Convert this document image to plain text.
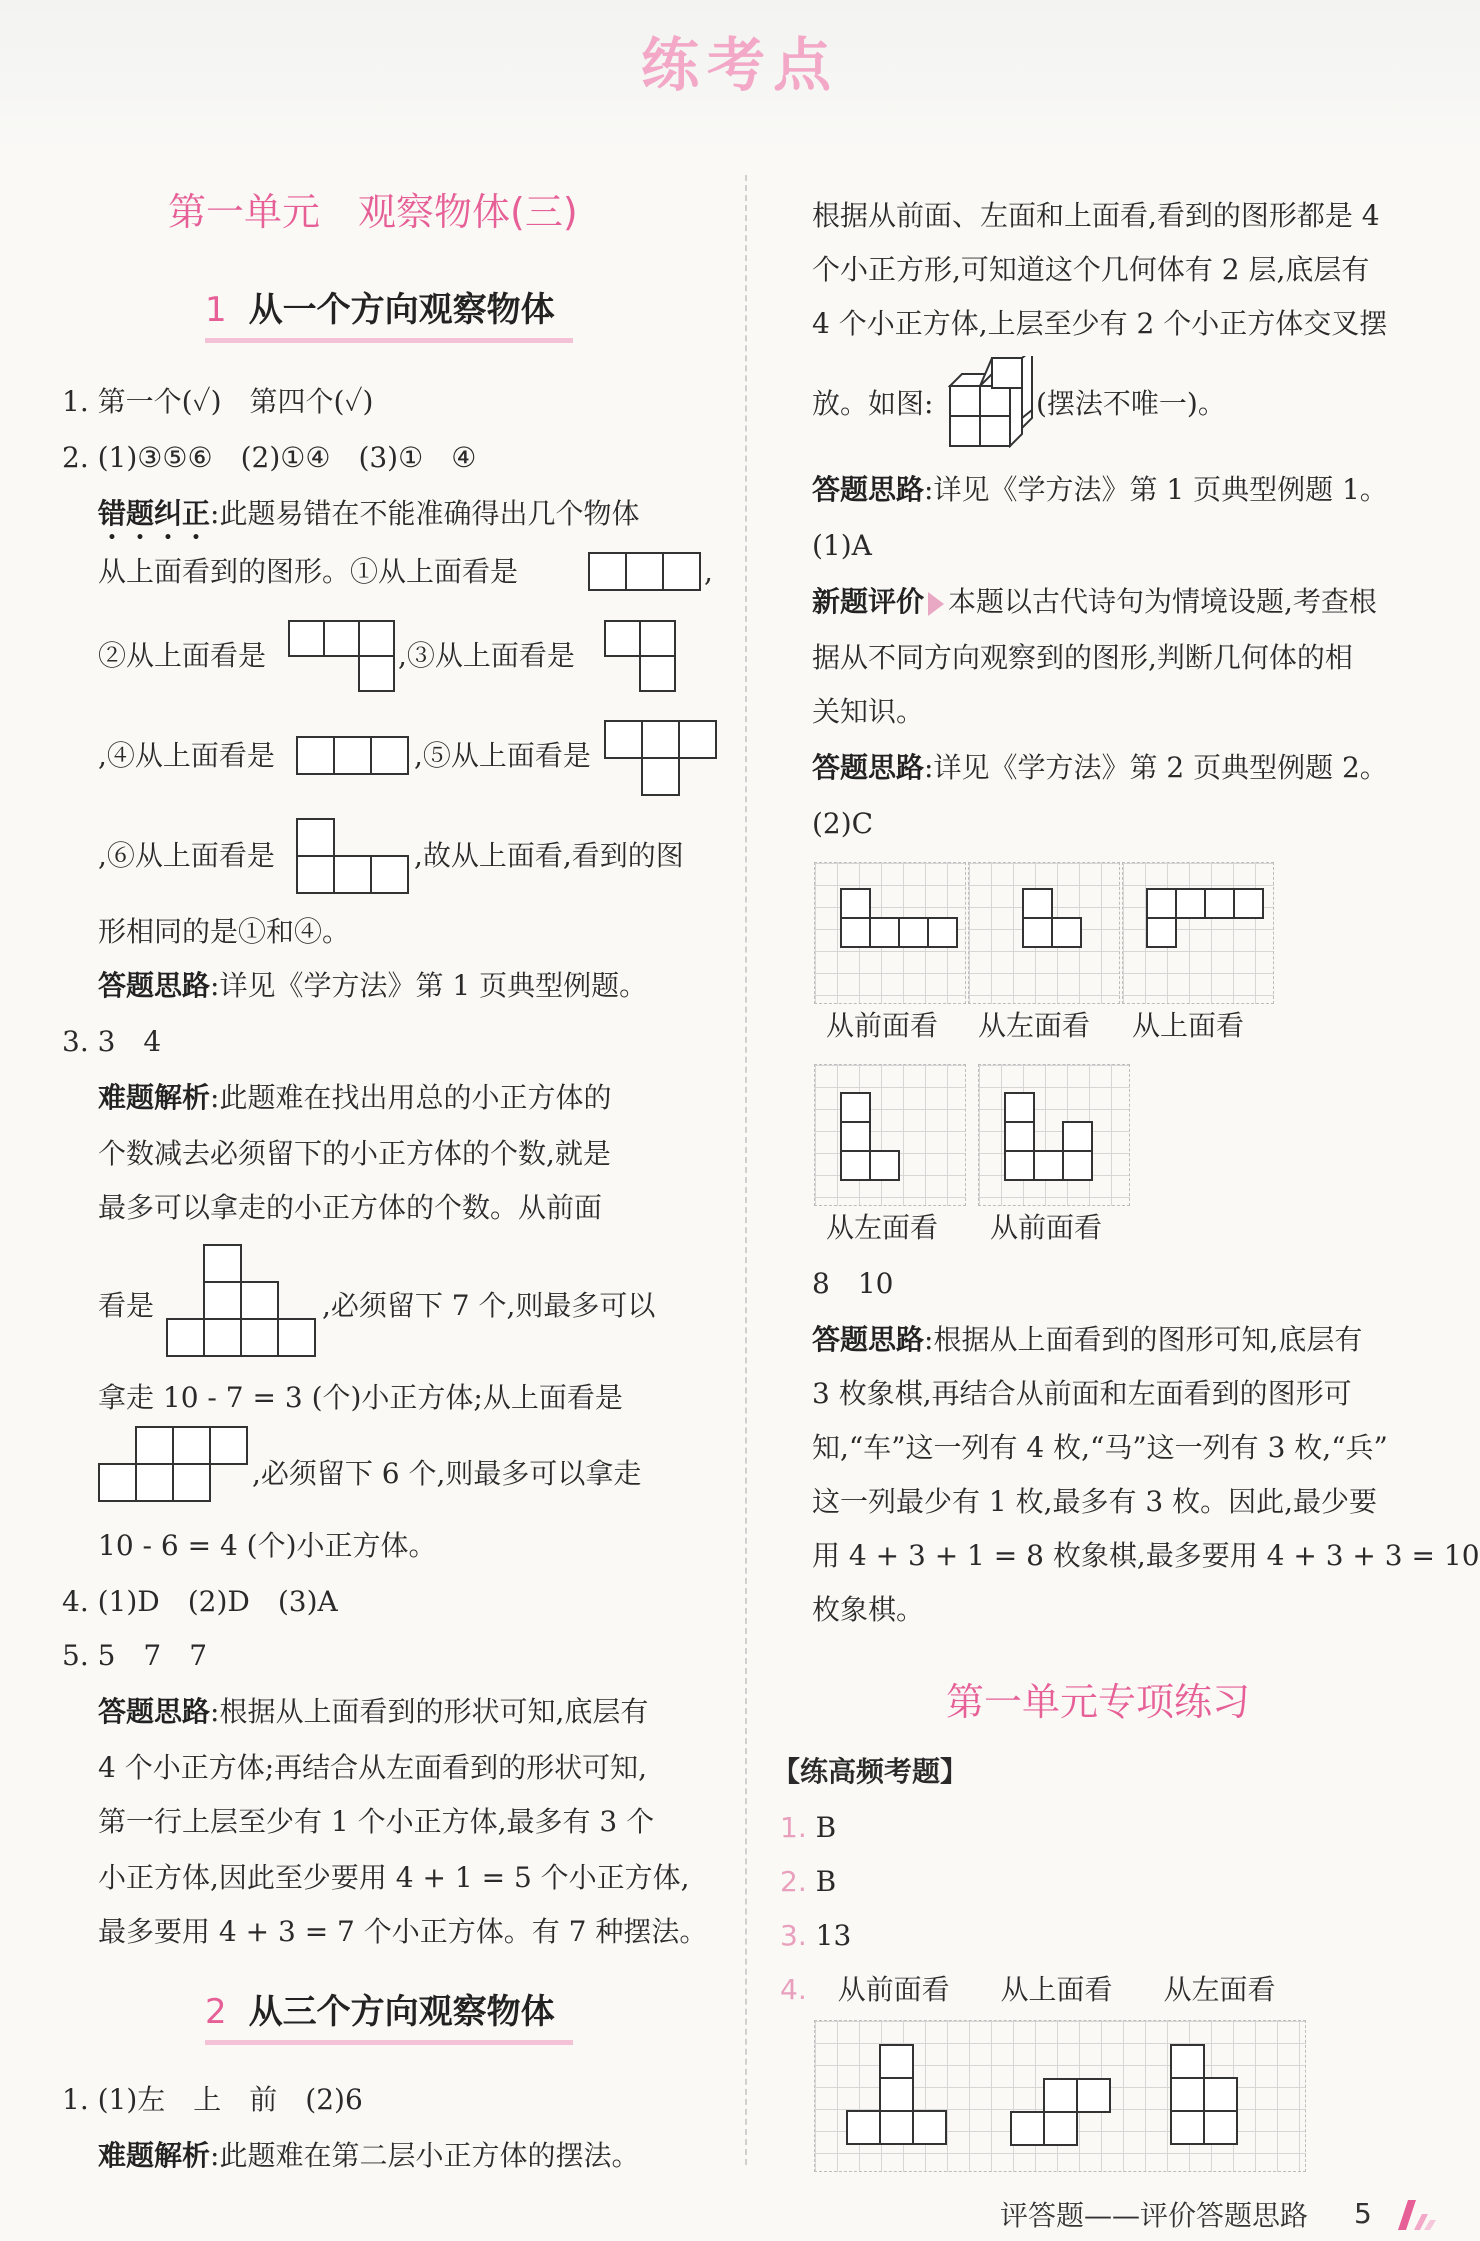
练考点
第一单元　观察物体(三)
1 从一个方向观察物体
1. 第一个(✓)　第四个(✓)
2. (1)③⑤⑥　(2)①④　(3)①　④
错题纠正:此题易错在不能准确得出几个物体
从上面看到的图形。①从上面看是	,
②从上面看是	,③从上面看是
,④从上面看是	,⑤从上面看是
,⑥从上面看是	,故从上面看,看到的图
形相同的是①和④。
答题思路:详见《学方法》第 1 页典型例题。
3. 3　4
难题解析:此题难在找出用总的小正方体的
个数减去必须留下的小正方体的个数,就是
最多可以拿走的小正方体的个数。从前面
看是	,必须留下 7 个,则最多可以
拿走 10 - 7 = 3 (个)小正方体;从上面看是
,必须留下 6 个,则最多可以拿走
10 - 6 = 4 (个)小正方体。
4. (1)D　(2)D　(3)A
5. 5　7　7
答题思路:根据从上面看到的形状可知,底层有
4 个小正方体;再结合从左面看到的形状可知,
第一行上层至少有 1 个小正方体,最多有 3 个
小正方体,因此至少要用 4 + 1 = 5 个小正方体,
最多要用 4 + 3 = 7 个小正方体。有 7 种摆法。
2 从三个方向观察物体
1. (1)左　上　前　(2)6
难题解析:此题难在第二层小正方体的摆法。
根据从前面、左面和上面看,看到的图形都是 4
个小正方形,可知道这个几何体有 2 层,底层有
4 个小正方体,上层至少有 2 个小正方体交叉摆
放。如图:	(摆法不唯一)。
答题思路:详见《学方法》第 1 页典型例题 1。
(1)A
新题评价 本题以古代诗句为情境设题,考查根
据从不同方向观察到的图形,判断几何体的相
关知识。
答题思路:详见《学方法》第 2 页典型例题 2。
(2)C
从前面看 从左面看 从上面看
从左面看 从前面看
8　10
答题思路:根据从上面看到的图形可知,底层有
3 枚象棋,再结合从前面和左面看到的图形可
知,“车”这一列有 4 枚,“马”这一列有 3 枚,“兵”
这一列最少有 1 枚,最多有 3 枚。因此,最少要
用 4 + 3 + 1 = 8 枚象棋,最多要用 4 + 3 + 3 = 10
枚象棋。
第一单元专项练习
【练高频考题】
1. B
2. B
3. 13
4. 从前面看 从上面看 从左面看
评答题——评价答题思路 5
